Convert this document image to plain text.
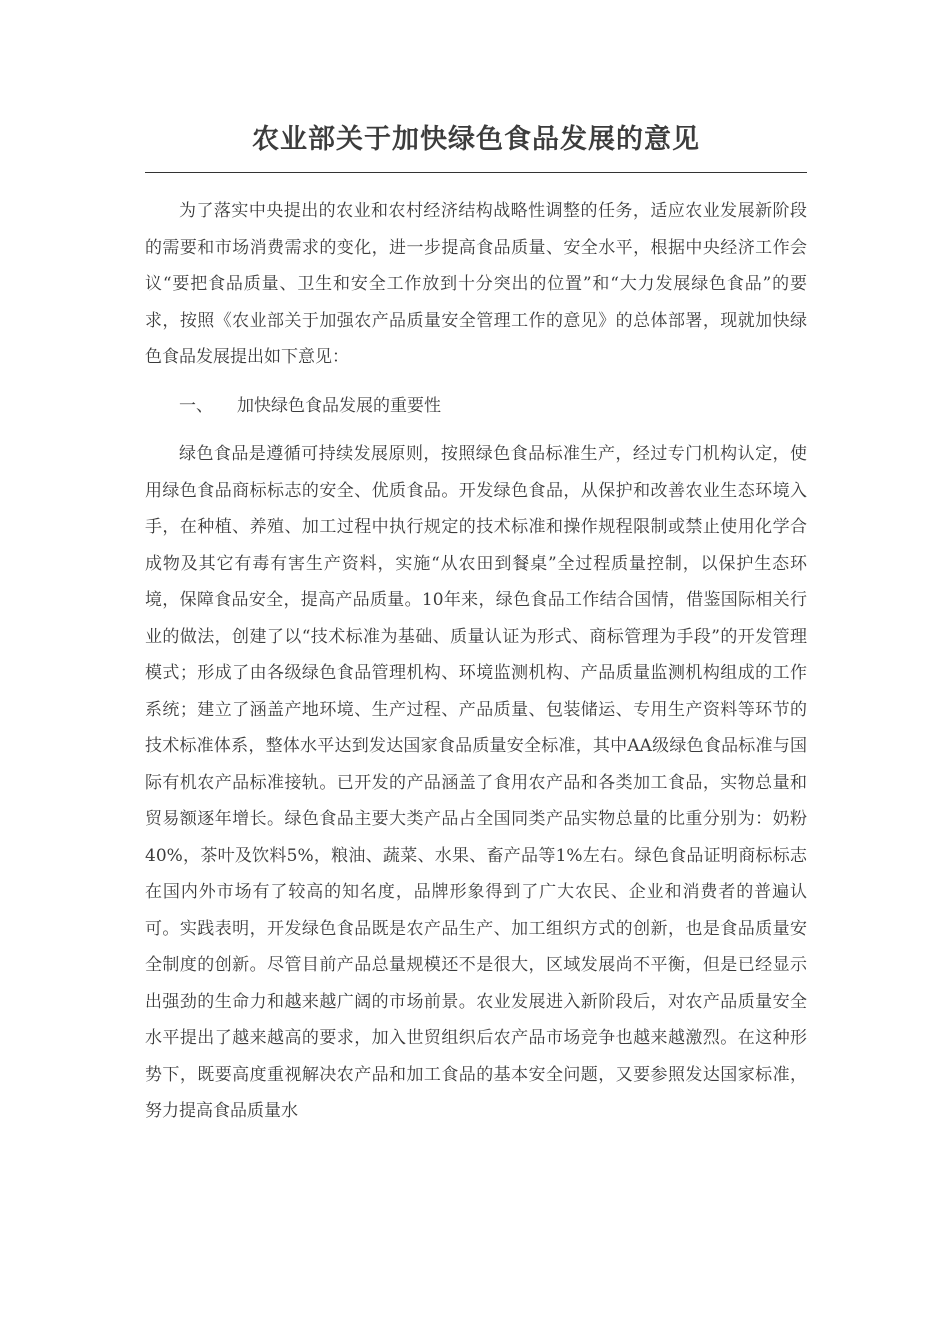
农业部关于加快绿色食品发展的意见

为了落实中央提出的农业和农村经济结构战略性调整的任务，适应农业发展新阶段的需要和市场消费需求的变化，进一步提高食品质量、安全水平，根据中央经济工作会议“要把食品质量、卫生和安全工作放到十分突出的位置”和“大力发展绿色食品”的要求，按照《农业部关于加强农产品质量安全管理工作的意见》的总体部署，现就加快绿色食品发展提出如下意见：

一、 加快绿色食品发展的重要性

绿色食品是遵循可持续发展原则，按照绿色食品标准生产，经过专门机构认定，使用绿色食品商标标志的安全、优质食品。开发绿色食品，从保护和改善农业生态环境入手，在种植、养殖、加工过程中执行规定的技术标准和操作规程限制或禁止使用化学合成物及其它有毒有害生产资料，实施“从农田到餐桌”全过程质量控制，以保护生态环境，保障食品安全，提高产品质量。10年来，绿色食品工作结合国情，借鉴国际相关行业的做法，创建了以“技术标准为基础、质量认证为形式、商标管理为手段”的开发管理模式；形成了由各级绿色食品管理机构、环境监测机构、产品质量监测机构组成的工作系统；建立了涵盖产地环境、生产过程、产品质量、包装储运、专用生产资料等环节的技术标准体系，整体水平达到发达国家食品质量安全标准，其中AA级绿色食品标准与国际有机农产品标准接轨。已开发的产品涵盖了食用农产品和各类加工食品，实物总量和贸易额逐年增长。绿色食品主要大类产品占全国同类产品实物总量的比重分别为：奶粉40%，茶叶及饮料5%，粮油、蔬菜、水果、畜产品等1%左右。绿色食品证明商标标志在国内外市场有了较高的知名度，品牌形象得到了广大农民、企业和消费者的普遍认可。实践表明，开发绿色食品既是农产品生产、加工组织方式的创新，也是食品质量安全制度的创新。尽管目前产品总量规模还不是很大，区域发展尚不平衡，但是已经显示出强劲的生命力和越来越广阔的市场前景。农业发展进入新阶段后，对农产品质量安全水平提出了越来越高的要求，加入世贸组织后农产品市场竞争也越来越激烈。在这种形势下，既要高度重视解决农产品和加工食品的基本安全问题，又要参照发达国家标准，努力提高食品质量水
